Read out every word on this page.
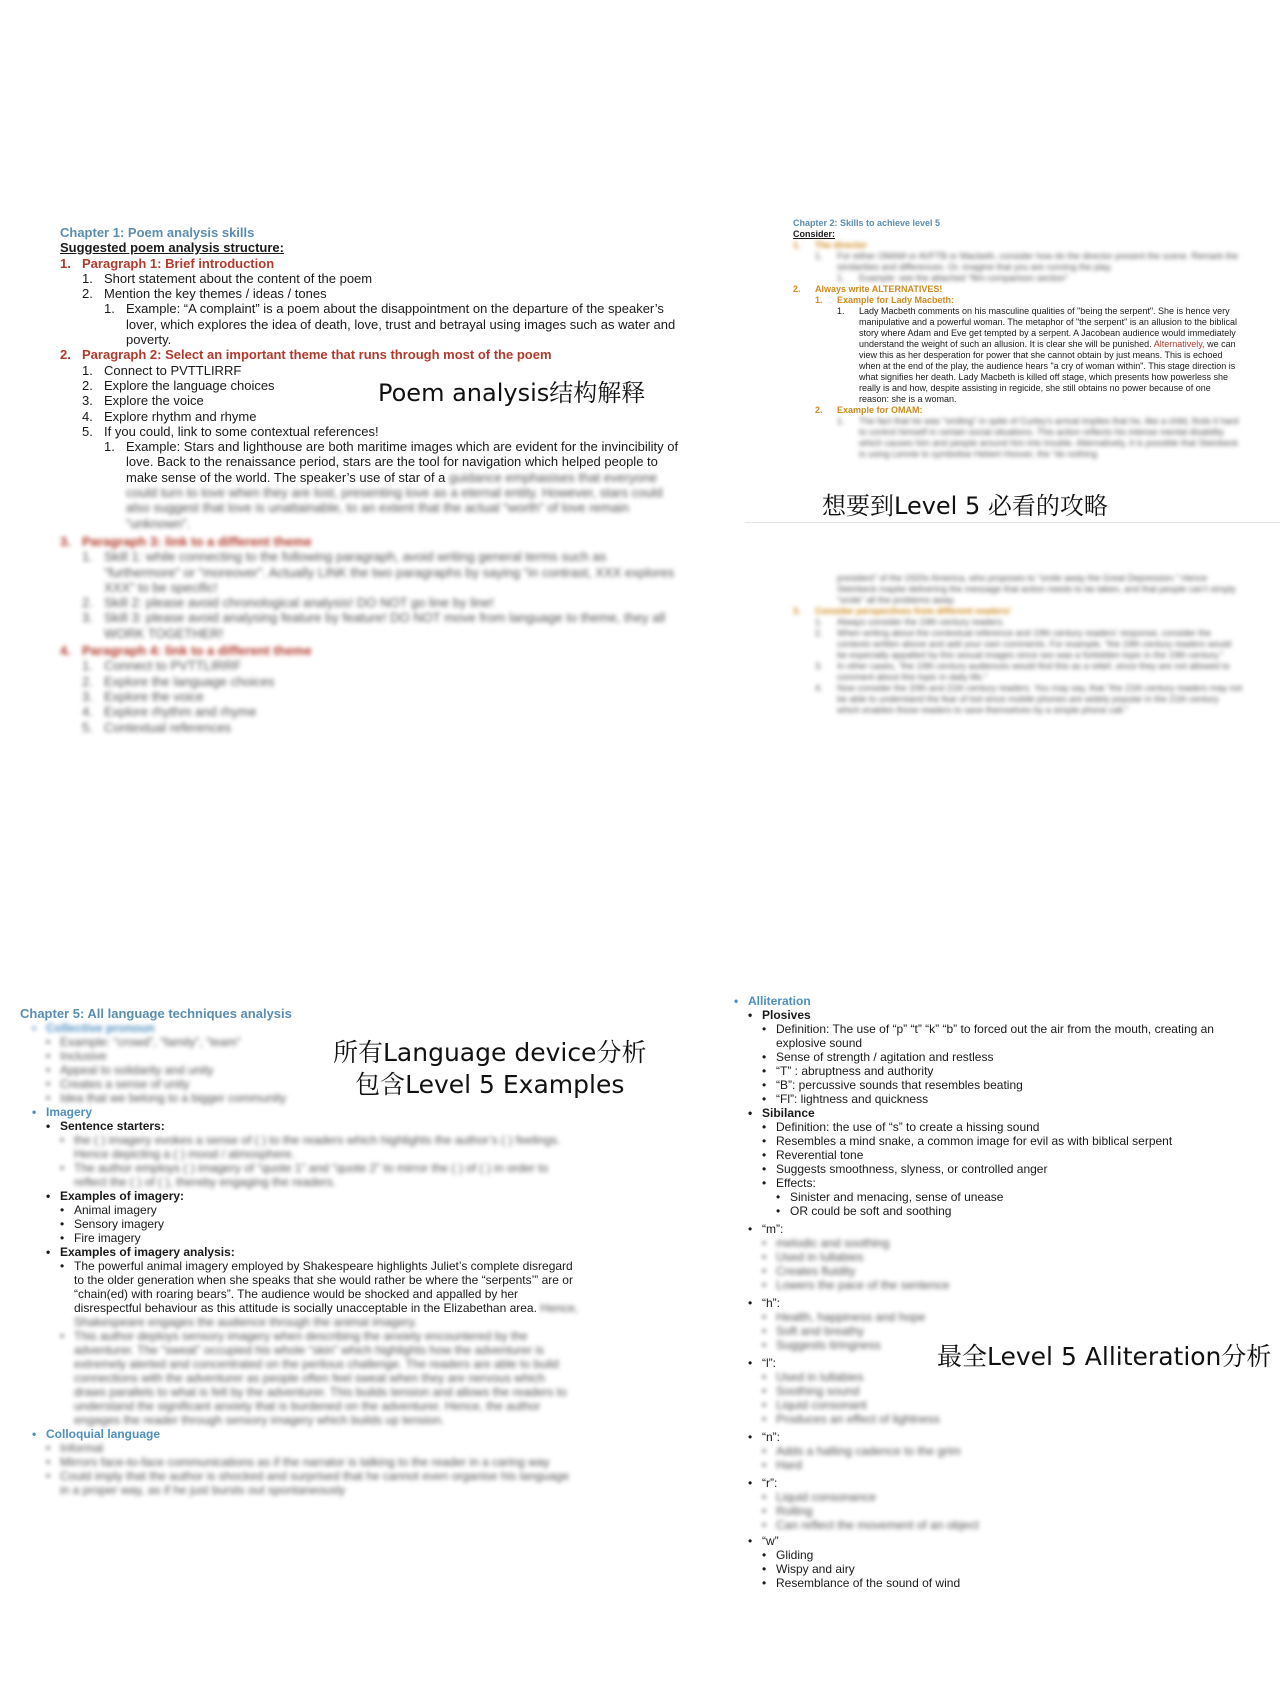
Chapter 1: Poem analysis skills
Suggested poem analysis structure:
1. Paragraph 1: Brief introduction
1. Short statement about the content of the poem
2. Mention the key themes / ideas / tones
1. Example: “A complaint” is a poem about the disappointment on the departure of the speaker’s lover, which explores the idea of death, love, trust and betrayal using images such as water and poverty.
2. Paragraph 2: Select an important theme that runs through most of the poem
1. Connect to PVTTLIRRF
2. Explore the language choices
3. Explore the voice
4. Explore rhythm and rhyme
5. If you could, link to some contextual references!
1. Example: Stars and lighthouse are both maritime images which are evident for the invincibility of love. Back to the renaissance period, stars are the tool for navigation which helped people to make sense of the world. The speaker’s use of star of a guidance emphasises that everyone could turn to love when they are lost, presenting love as a eternal entity. However, stars could also suggest that love is unattainable, to an extent that the actual “worth” of love remain “unknown”.
3. Paragraph 3: link to a different theme
1. Skill 1: while connecting to the following paragraph, avoid writing general terms such as “furthermore” or “moreover”. Actually LINK the two paragraphs by saying “in contrast, XXX explores XXX” to be specific!
2. Skill 2: please avoid chronological analysis! DO NOT go line by line!
3. Skill 3: please avoid analysing feature by feature! DO NOT move from language to theme, they all WORK TOGETHER!
4. Paragraph 4: link to a different theme
1. Connect to PVTTLIRRF
2. Explore the language choices
3. Explore the voice
4. Explore rhythm and rhyme
5. Contextual references
Poem analysis结构解释
Chapter 2: Skills to achieve level 5
Consider:
1.	The director
1.	For either OMAM or AVFTB or Macbeth, consider how do the director present the scene. Remark the similarities and differences. Or, imagine that you are running the play.
1.	Example: see the attached “film comparison section”
2.	Always write ALTERNATIVES!
1.	Example for Lady Macbeth:
1.	Lady Macbeth comments on his masculine qualities of "being the serpent". She is hence very manipulative and a powerful woman. The metaphor of "the serpent" is an allusion to the biblical story where Adam and Eve get tempted by a serpent. A Jacobean audience would immediately understand the weight of such an allusion. It is clear she will be punished. Alternatively, we can view this as her desperation for power that she cannot obtain by just means. This is echoed when at the end of the play, the audience hears "a cry of woman within". This stage direction is what signifies her death. Lady Macbeth is killed off stage, which presents how powerless she really is and how, despite assisting in regicide, she still obtains no power because of one reason: she is a woman.
2.	Example for OMAM:
1.	The fact that he was “smiling” in spite of Curley’s arrival implies that he, like a child, finds it hard to control himself in certain social situations. This action reflects his intense mental disability which causes him and people around him into trouble. Alternatively, it is possible that Steinbeck is using Lennie to symbolise Hebert Hoover, the “do nothing
想要到Level 5 必看的攻略
president” of the 1920s America, who proposes to “smile away the Great Depression.” Hence Steinbeck maybe delivering the message that action needs to be taken, and that people can’t simply “smile” all the problems away.
3.	Consider perspectives from different readers!
1.	Always consider the 19th century readers.
2.	When writing about the contextual reference and 19th century readers’ response, consider the contexts written above and add your own comments. For example, “the 19th century readers would be especially appalled by this sexual images since sex was a forbidden topic in the 19th century.”
3.	In other cases, “the 19th century audiences would find this as a relief, since they are not allowed to comment about this topic in daily life.”
4.	Now consider the 20th and 21th century readers. You may say, that “the 21th century readers may not be able to understand the fear of tod since mobile phones are widely popular in the 21th century which enables those readers to save themselves by a simple phone call.”
Chapter 5: All language techniques analysis
• Collective pronoun
• Example: “crowd”, “family”, “team”
• Inclusive
• Appeal to solidarity and unity
• Creates a sense of unity
• Idea that we belong to a bigger community
• Imagery
• Sentence starters:
• the ( ) imagery evokes a sense of ( ) to the readers which highlights the author’s ( ) feelings. Hence depicting a ( ) mood / atmosphere.
• The author employs ( ) imagery of “quote 1” and “quote 2” to mirror the ( ) of ( ) in order to reflect the ( ) of ( ), thereby engaging the readers.
• Examples of imagery:
• Animal imagery
• Sensory imagery
• Fire imagery
• Examples of imagery analysis:
• The powerful animal imagery employed by Shakespeare highlights Juliet’s complete disregard to the older generation when she speaks that she would rather be where the “serpents’” are or “chain(ed) with roaring bears”. The audience would be shocked and appalled by her disrespectful behaviour as this attitude is socially unacceptable in the Elizabethan area. Hence, Shakespeare engages the audience through the animal imagery.
• This author deploys sensory imagery when describing the anxiety encountered by the adventurer. The “sweat” occupied his whole “skin” which highlights how the adventurer is extremely alerted and concentrated on the perilous challenge. The readers are able to build connections with the adventurer as people often feel sweat when they are nervous which draws parallels to what is felt by the adventurer. This builds tension and allows the readers to understand the significant anxiety that is burdened on the adventurer. Hence, the author engages the reader through sensory imagery which builds up tension.
• Colloquial language
• Informal
• Mirrors face-to-face communications as if the narrator is talking to the reader in a caring way
• Could imply that the author is shocked and surprised that he cannot even organise his language in a proper way, as if he just bursts out spontaneously
所有Language device分析
包含Level 5 Examples
• Alliteration
• Plosives
• Definition: The use of “p” “t” “k” “b” to forced out the air from the mouth, creating an explosive sound
• Sense of strength / agitation and restless
• “T” : abruptness and authority
• “B”: percussive sounds that resembles beating
• “Fl”: lightness and quickness
• Sibilance
• Definition: the use of “s” to create a hissing sound
• Resembles a mind snake, a common image for evil as with biblical serpent
• Reverential tone
• Suggests smoothness, slyness, or controlled anger
• Effects:
• Sinister and menacing, sense of unease
• OR could be soft and soothing
• “m”:
• melodic and soothing
• Used in lullabies
• Creates fluidity
• Lowers the pace of the sentence
• “h”:
• Health, happiness and hope
• Soft and breathy
• Suggests tiringness
• “l”:
• Used in lullabies
• Soothing sound
• Liquid consonant
• Produces an effect of lightness
• “n”:
• Adds a halting cadence to the grim
• Hard
• “r”:
• Liquid consonance
• Rolling
• Can reflect the movement of an object
• “w”
• Gliding
• Wispy and airy
• Resemblance of the sound of wind
最全Level 5 Alliteration分析
